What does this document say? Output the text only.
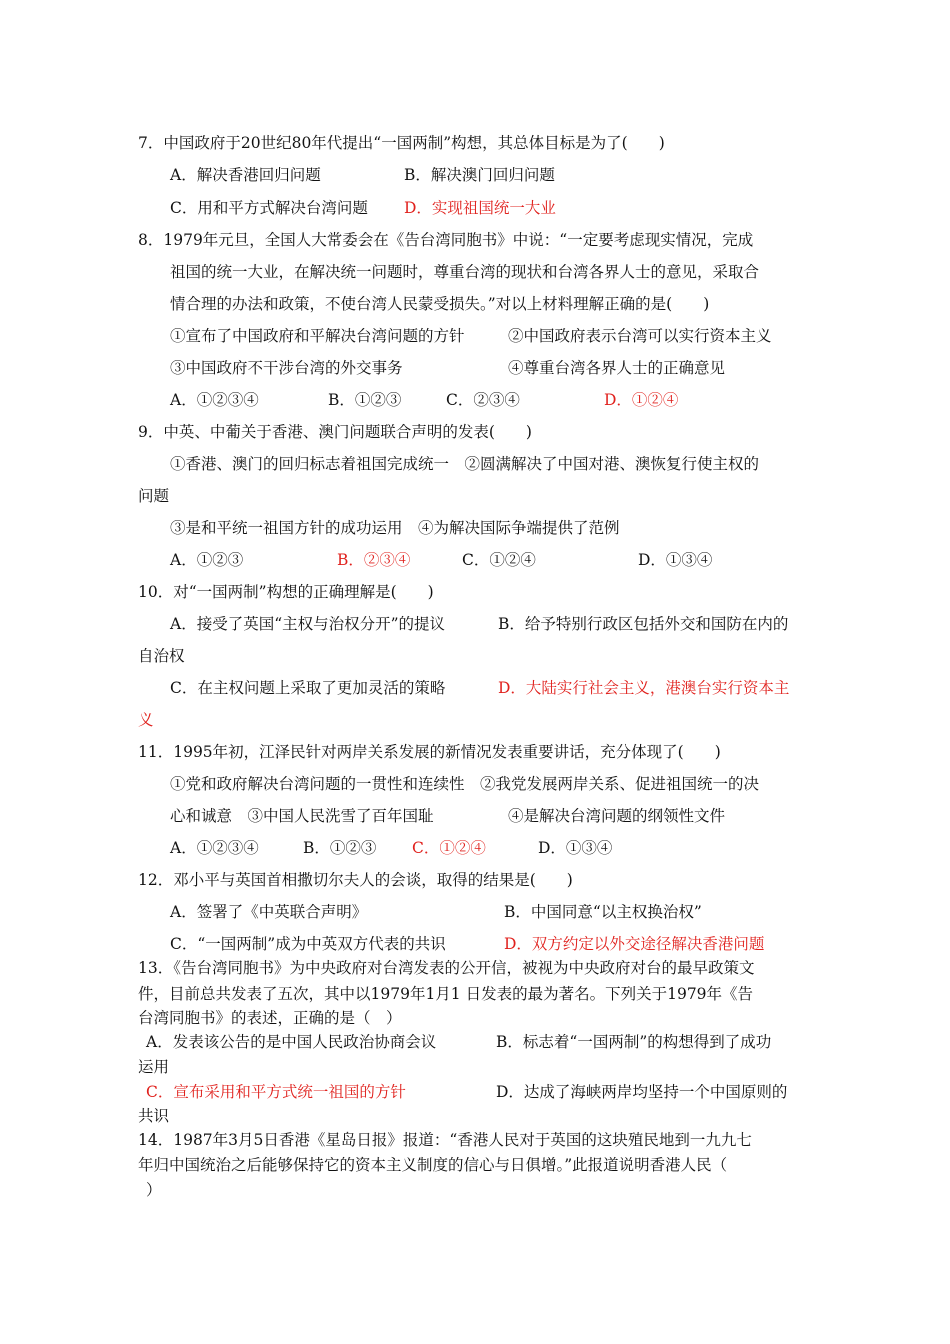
7．中国政府于20世纪80年代提出“一国两制”构想，其总体目标是为了(　　)
A．解决香港回归问题	B．解决澳门回归问题
C．用和平方式解决台湾问题 D．实现祖国统一大业
8．1979年元旦，全国人大常委会在《告台湾同胞书》中说：“一定要考虑现实情况，完成
祖国的统一大业，在解决统一问题时，尊重台湾的现状和台湾各界人士的意见，采取合
情合理的办法和政策，不使台湾人民蒙受损失。”对以上材料理解正确的是(　　)
①宣布了中国政府和平解决台湾问题的方针	②中国政府表示台湾可以实行资本主义
③中国政府不干涉台湾的外交事务	④尊重台湾各界人士的正确意见
A．①②③④	B．①②③	C．②③④	D．①②④
9．中英、中葡关于香港、澳门问题联合声明的发表(　　)
①香港、澳门的回归标志着祖国完成统一　②圆满解决了中国对港、澳恢复行使主权的
问题
③是和平统一祖国方针的成功运用　④为解决国际争端提供了范例
A．①②③	B．②③④	C．①②④	D．①③④
10．对“一国两制”构想的正确理解是(　　)
A．接受了英国“主权与治权分开”的提议	B．给予特别行政区包括外交和国防在内的
自治权
C．在主权问题上采取了更加灵活的策略	D．大陆实行社会主义，港澳台实行资本主
义
11．1995年初，江泽民针对两岸关系发展的新情况发表重要讲话，充分体现了(　　)
①党和政府解决台湾问题的一贯性和连续性　②我党发展两岸关系、促进祖国统一的决
心和诚意　③中国人民洗雪了百年国耻	④是解决台湾问题的纲领性文件
A．①②③④	B．①②③ C．①②④	D．①③④
12．邓小平与英国首相撒切尔夫人的会谈，取得的结果是(　　)
A．签署了《中英联合声明》	B．中国同意“以主权换治权”
C．“一国两制”成为中英双方代表的共识	D．双方约定以外交途径解决香港问题
13．《告台湾同胞书》为中央政府对台湾发表的公开信，被视为中央政府对台的最早政策文
件，目前总共发表了五次，其中以1979年1月1 日发表的最为著名。下列关于1979年《告
台湾同胞书》的表述，正确的是（　）
A．发表该公告的是中国人民政治协商会议	B．标志着“一国两制”的构想得到了成功
运用
C．宣布采用和平方式统一祖国的方针	D．达成了海峡两岸均坚持一个中国原则的
共识
14．1987年3月5日香港《星岛日报》报道：“香港人民对于英国的这块殖民地到一九九七
年归中国统治之后能够保持它的资本主义制度的信心与日俱增。”此报道说明香港人民（
）
